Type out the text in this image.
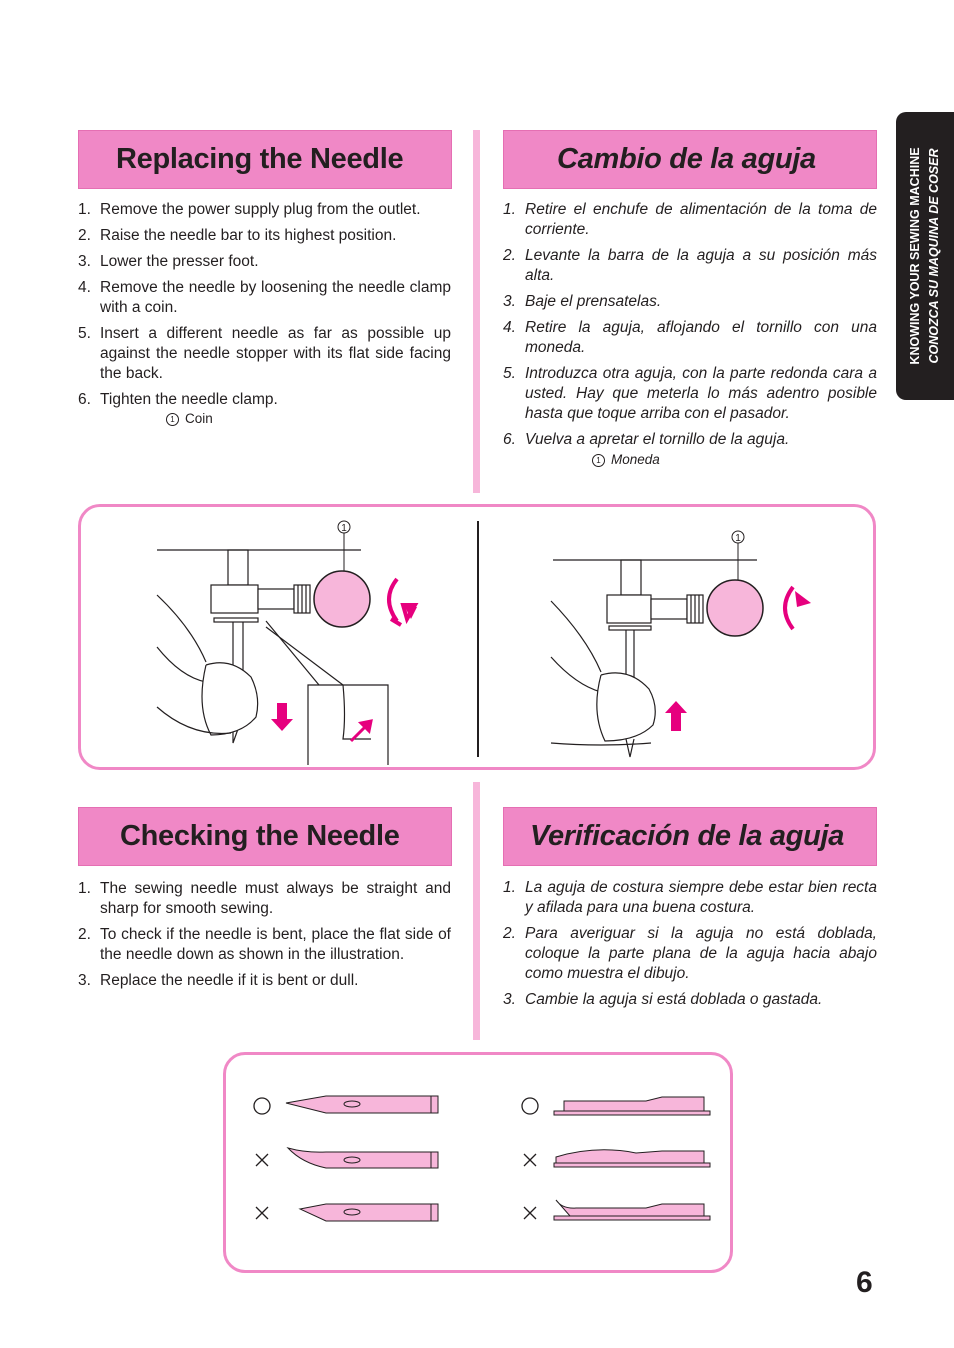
KNOWING YOUR SEWING MACHINE CONOZCA SU MAQUINA DE COSER
Replacing the Needle	Cambio de la aguja
1. Remove the power supply plug from the outlet.
2. Raise the needle bar to its highest position.
3. Lower the presser foot.
4. Remove the needle by loosening the needle clamp with a coin.
5. Insert a different needle as far as possible up against the needle stopper with its flat side facing the back.
6. Tighten the needle clamp.
1 Coin
1. Retire el enchufe de alimentación de la toma de corriente.
2. Levante la barra de la aguja a su posición más alta.
3. Baje el prensatelas.
4. Retire la aguja, aflojando el tornillo con una moneda.
5. Introduzca otra aguja, con la parte redonda cara a usted. Hay que meterla lo más adentro posible hasta que toque arriba con el pasador.
6. Vuelva a apretar el tornillo de la aguja.
1 Moneda
1
1
Checking the Needle	Verificación de la aguja
1. The sewing needle must always be straight and sharp for smooth sewing.
2. To check if the needle is bent, place the flat side of the needle down as shown in the illustration.
3. Replace the needle if it is bent or dull.
1. La aguja de costura siempre debe estar bien recta y afilada para una buena costura.
2. Para averiguar si la aguja no está doblada, coloque la parte plana de la aguja hacia abajo como muestra el dibujo.
3. Cambie la aguja si está doblada o gastada.
6
